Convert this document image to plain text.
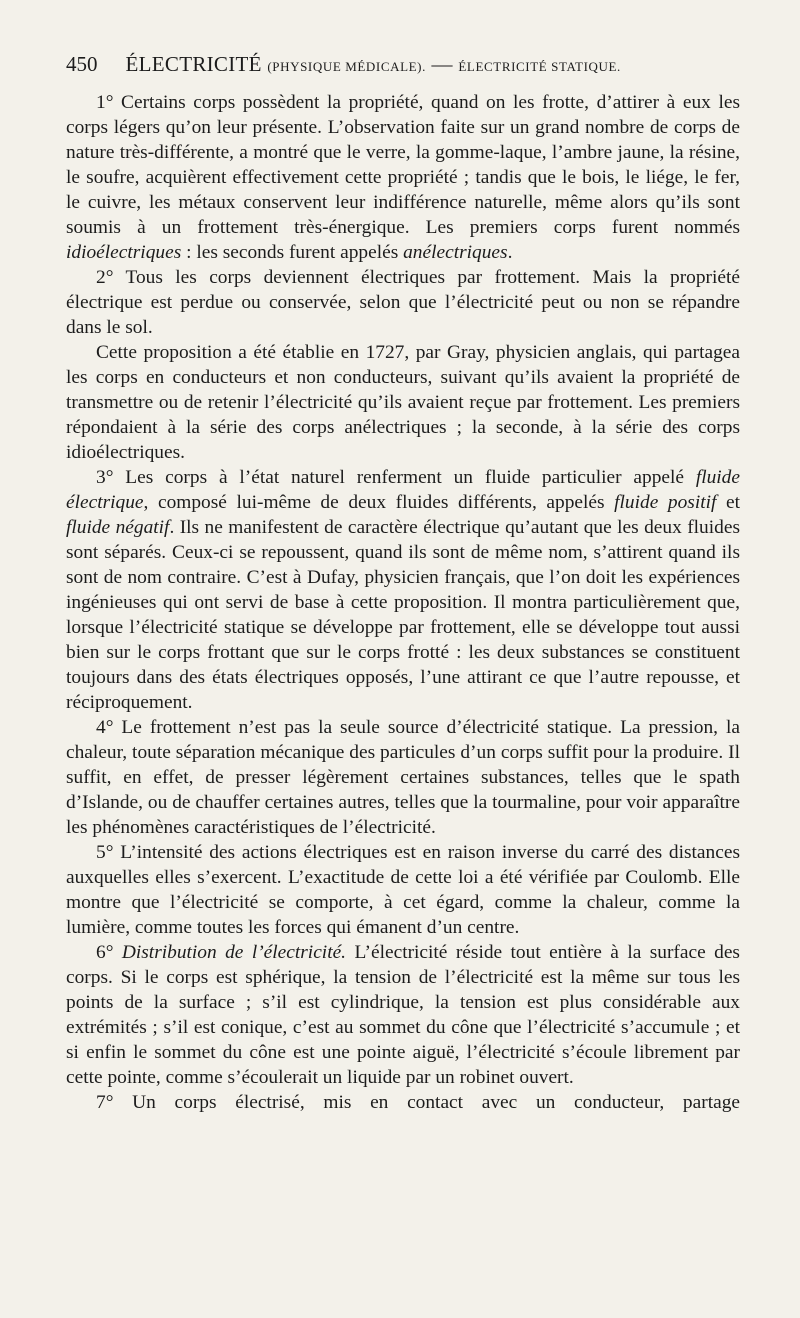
450 ÉLECTRICITÉ (PHYSIQUE MÉDICALE). — ÉLECTRICITÉ STATIQUE.

1° Certains corps possèdent la propriété, quand on les frotte, d’attirer à eux les corps légers qu’on leur présente. L’observation faite sur un grand nombre de corps de nature très-différente, a montré que le verre, la gomme-laque, l’ambre jaune, la résine, le soufre, acquièrent effectivement cette propriété ; tandis que le bois, le liége, le fer, le cuivre, les métaux conservent leur indifférence naturelle, même alors qu’ils sont soumis à un frottement très-énergique. Les premiers corps furent nommés idioélectriques : les seconds furent appelés anélectriques.

2° Tous les corps deviennent électriques par frottement. Mais la propriété électrique est perdue ou conservée, selon que l’électricité peut ou non se répandre dans le sol.

Cette proposition a été établie en 1727, par Gray, physicien anglais, qui partagea les corps en conducteurs et non conducteurs, suivant qu’ils avaient la propriété de transmettre ou de retenir l’électricité qu’ils avaient reçue par frottement. Les premiers répondaient à la série des corps anélectriques ; la seconde, à la série des corps idioélectriques.

3° Les corps à l’état naturel renferment un fluide particulier appelé fluide électrique, composé lui-même de deux fluides différents, appelés fluide positif et fluide négatif. Ils ne manifestent de caractère électrique qu’autant que les deux fluides sont séparés. Ceux-ci se repoussent, quand ils sont de même nom, s’attirent quand ils sont de nom contraire. C’est à Dufay, physicien français, que l’on doit les expériences ingénieuses qui ont servi de base à cette proposition. Il montra particulièrement que, lorsque l’électricité statique se développe par frottement, elle se développe tout aussi bien sur le corps frottant que sur le corps frotté : les deux substances se constituent toujours dans des états électriques opposés, l’une attirant ce que l’autre repousse, et réciproquement.

4° Le frottement n’est pas la seule source d’électricité statique. La pression, la chaleur, toute séparation mécanique des particules d’un corps suffit pour la produire. Il suffit, en effet, de presser légèrement certaines substances, telles que le spath d’Islande, ou de chauffer certaines autres, telles que la tourmaline, pour voir apparaître les phénomènes caractéristiques de l’électricité.

5° L’intensité des actions électriques est en raison inverse du carré des distances auxquelles elles s’exercent. L’exactitude de cette loi a été vérifiée par Coulomb. Elle montre que l’électricité se comporte, à cet égard, comme la chaleur, comme la lumière, comme toutes les forces qui émanent d’un centre.

6° Distribution de l’électricité. L’électricité réside tout entière à la surface des corps. Si le corps est sphérique, la tension de l’électricité est la même sur tous les points de la surface ; s’il est cylindrique, la tension est plus considérable aux extrémités ; s’il est conique, c’est au sommet du cône que l’électricité s’accumule ; et si enfin le sommet du cône est une pointe aiguë, l’électricité s’écoule librement par cette pointe, comme s’écoulerait un liquide par un robinet ouvert.

7° Un corps électrisé, mis en contact avec un conducteur, partage
